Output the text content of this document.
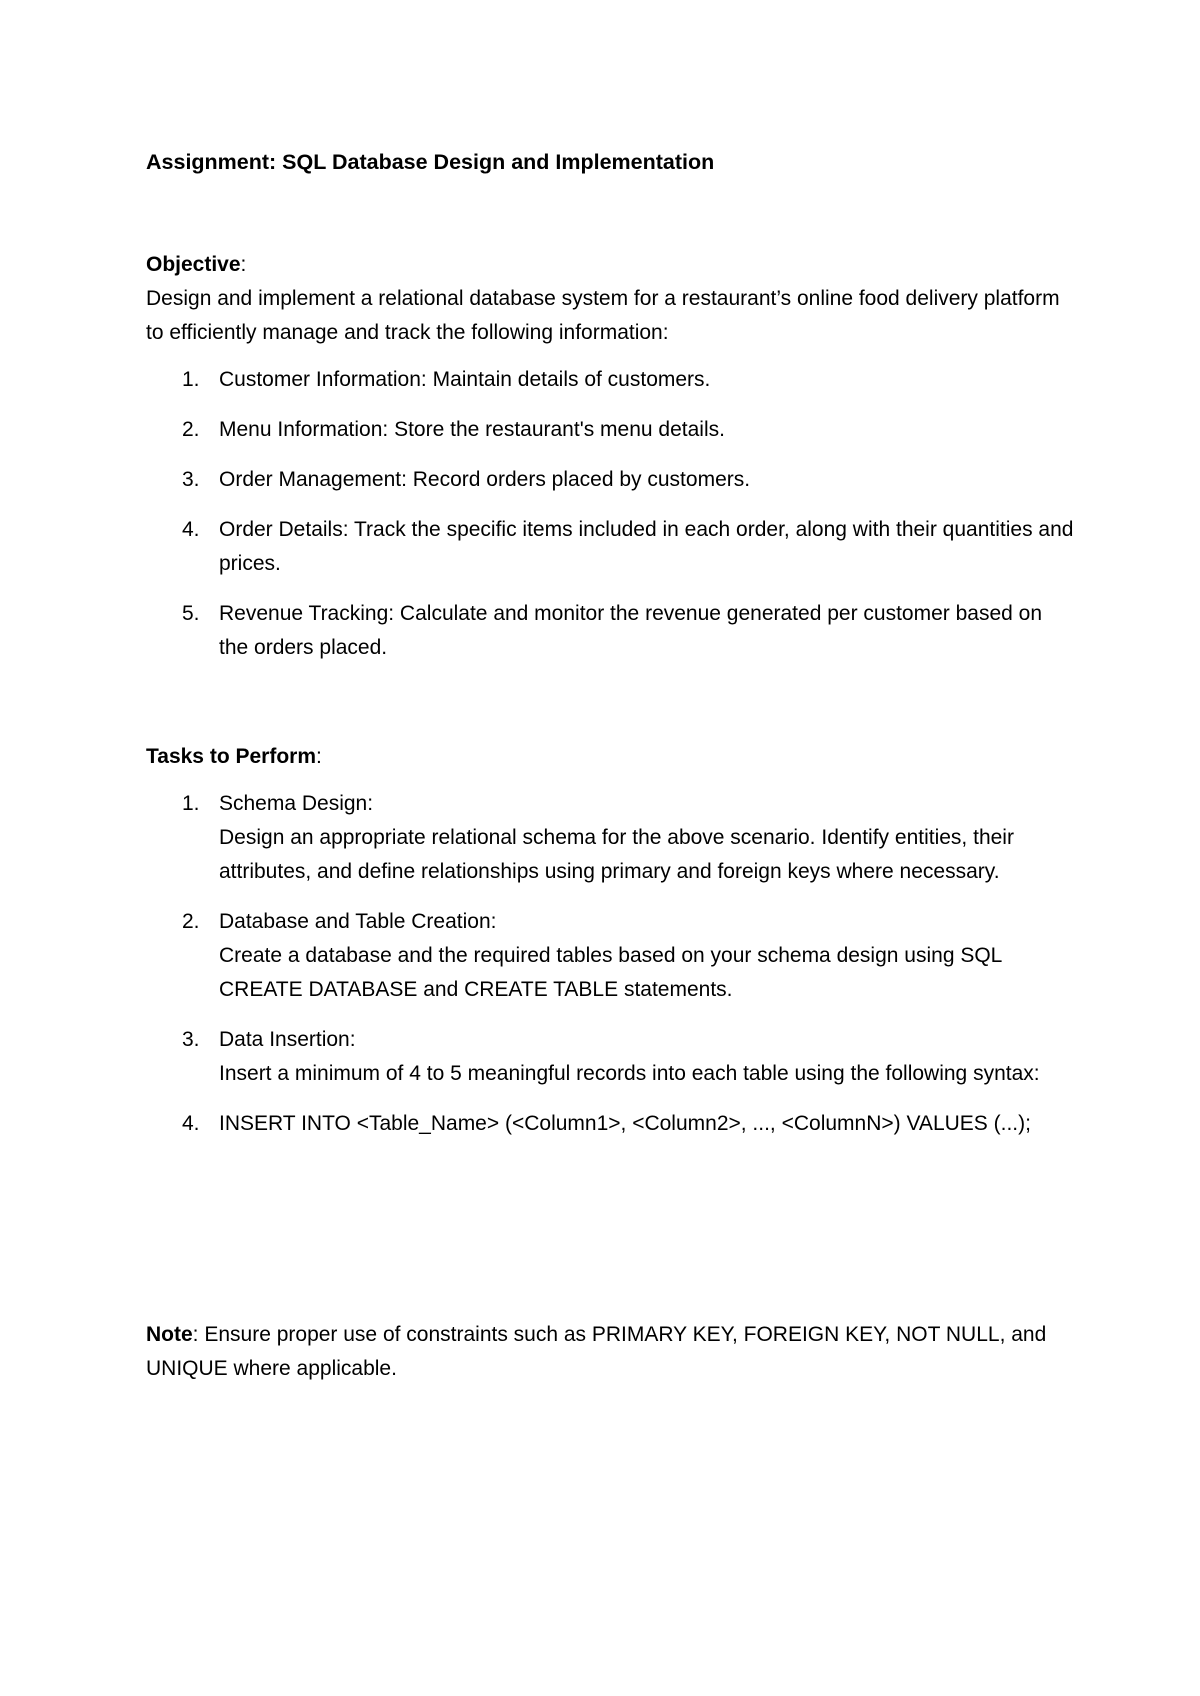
Assignment: SQL Database Design and Implementation

Objective:

Design and implement a relational database system for a restaurant’s online food delivery platform to efficiently manage and track the following information:

1. Customer Information: Maintain details of customers.
2. Menu Information: Store the restaurant's menu details.
3. Order Management: Record orders placed by customers.
4. Order Details: Track the specific items included in each order, along with their quantities and prices.
5. Revenue Tracking: Calculate and monitor the revenue generated per customer based on the orders placed.

Tasks to Perform:

1. Schema Design:
Design an appropriate relational schema for the above scenario. Identify entities, their attributes, and define relationships using primary and foreign keys where necessary.
2. Database and Table Creation:
Create a database and the required tables based on your schema design using SQL CREATE DATABASE and CREATE TABLE statements.
3. Data Insertion:
Insert a minimum of 4 to 5 meaningful records into each table using the following syntax:
4. INSERT INTO <Table_Name> (<Column1>, <Column2>, ..., <ColumnN>) VALUES (...);

Note: Ensure proper use of constraints such as PRIMARY KEY, FOREIGN KEY, NOT NULL, and UNIQUE where applicable.
